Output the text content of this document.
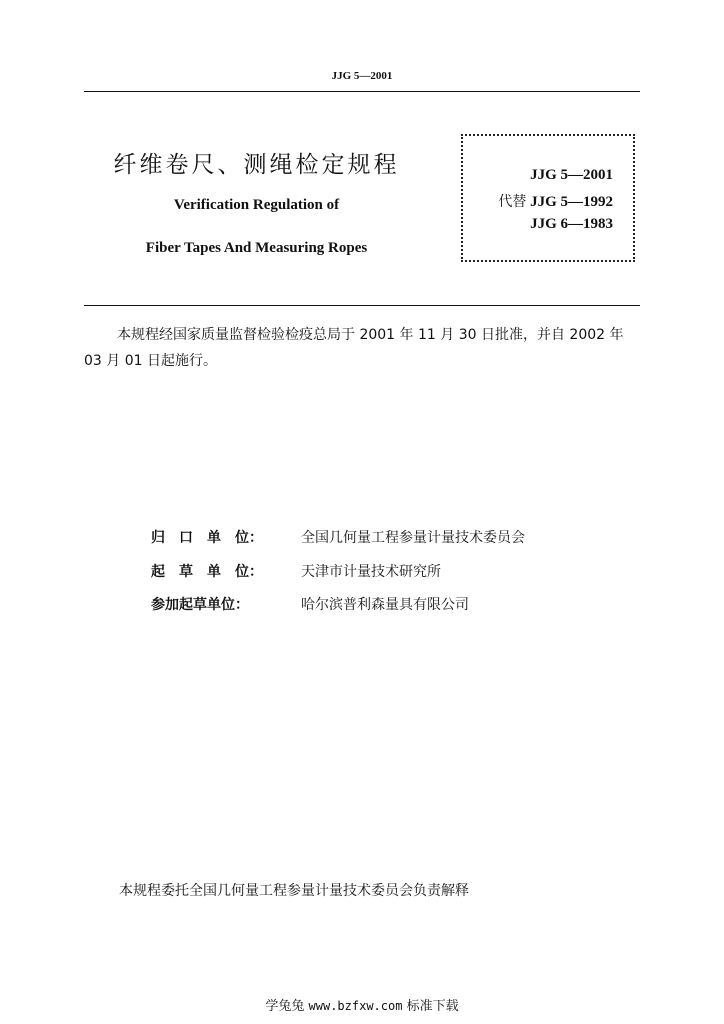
JJG 5—2001
纤维卷尺、测绳检定规程
Verification Regulation of
Fiber Tapes And Measuring Ropes
JJG 5—2001
代替 JJG 5—1992
JJG 6—1983
本规程经国家质量监督检验检疫总局于 2001 年 11 月 30 日批准，并自 2002 年 03 月 01 日起施行。
归　口　单　位：	全国几何量工程参量计量技术委员会
起　草　单　位：	天津市计量技术研究所
参加起草单位：	哈尔滨普利森量具有限公司
本规程委托全国几何量工程参量计量技术委员会负责解释
学兔兔 www.bzfxw.com 标准下载
